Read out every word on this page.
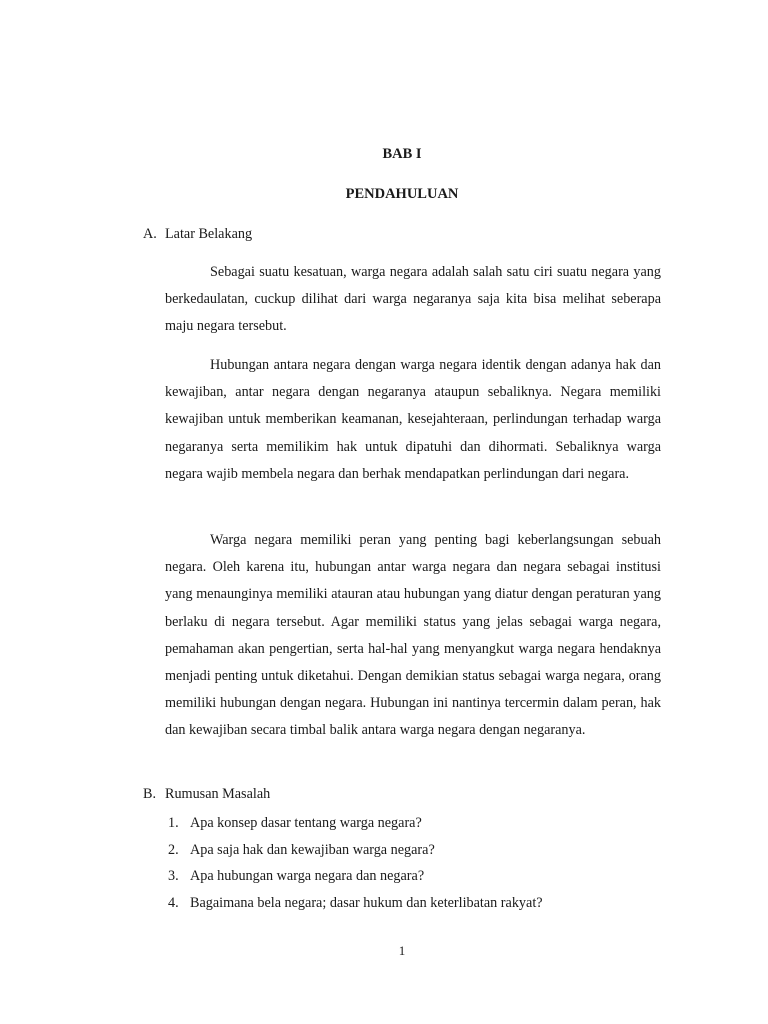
BAB I
PENDAHULUAN
A. Latar Belakang

Sebagai suatu kesatuan, warga negara adalah salah satu ciri suatu negara yang berkedaulatan, cuckup dilihat dari warga negaranya saja kita bisa melihat seberapa maju negara tersebut.

Hubungan antara negara dengan warga negara identik dengan adanya hak dan kewajiban, antar negara dengan negaranya ataupun sebaliknya. Negara memiliki kewajiban untuk memberikan keamanan, kesejahteraan, perlindungan terhadap warga negaranya serta memilikim hak untuk dipatuhi dan dihormati. Sebaliknya warga negara wajib membela negara dan berhak mendapatkan perlindungan dari negara.

Warga negara memiliki peran yang penting bagi keberlangsungan sebuah negara. Oleh karena itu, hubungan antar warga negara dan negara sebagai institusi yang menaunginya memiliki atauran atau hubungan yang diatur dengan peraturan yang berlaku di negara tersebut. Agar memiliki status yang jelas sebagai warga negara, pemahaman akan pengertian, serta hal-hal yang menyangkut warga negara hendaknya menjadi penting untuk diketahui. Dengan demikian status sebagai warga negara, orang memiliki hubungan dengan negara. Hubungan ini nantinya tercermin dalam peran, hak dan kewajiban secara timbal balik antara warga negara dengan negaranya.

B. Rumusan Masalah
1. Apa konsep dasar tentang warga negara?
2. Apa saja hak dan kewajiban warga negara?
3. Apa hubungan warga negara dan negara?
4. Bagaimana bela negara; dasar hukum dan keterlibatan rakyat?
1
